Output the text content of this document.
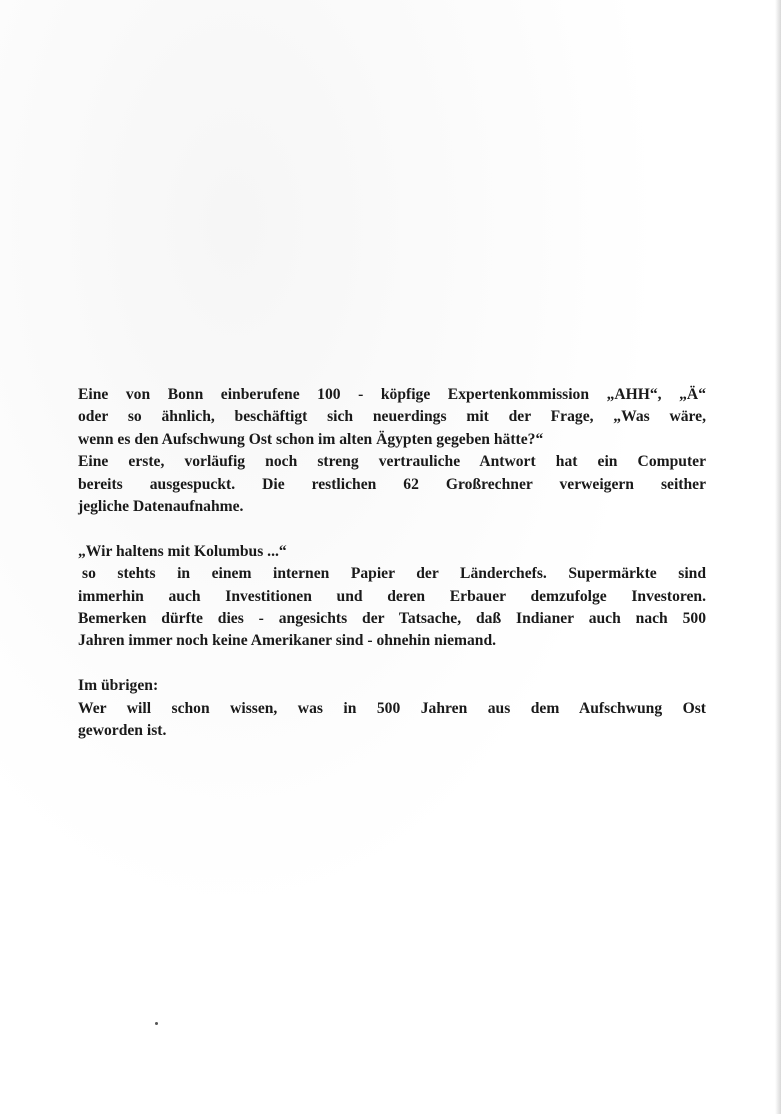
Eine von Bonn einberufene 100 - köpfige Expertenkommission „AHH“, „Ä“
oder so ähnlich, beschäftigt sich neuerdings mit der Frage, „Was wäre,
wenn es den Aufschwung Ost schon im alten Ägypten gegeben hätte?“
Eine erste, vorläufig noch streng vertrauliche Antwort hat ein Computer
bereits ausgespuckt. Die restlichen 62 Großrechner verweigern seither
jegliche Datenaufnahme.
„Wir haltens mit Kolumbus ...“
so stehts in einem internen Papier der Länderchefs. Supermärkte sind
immerhin auch Investitionen und deren Erbauer demzufolge Investoren.
Bemerken dürfte dies - angesichts der Tatsache, daß Indianer auch nach 500
Jahren immer noch keine Amerikaner sind - ohnehin niemand.
Im übrigen:
Wer will schon wissen, was in 500 Jahren aus dem Aufschwung Ost
geworden ist.
